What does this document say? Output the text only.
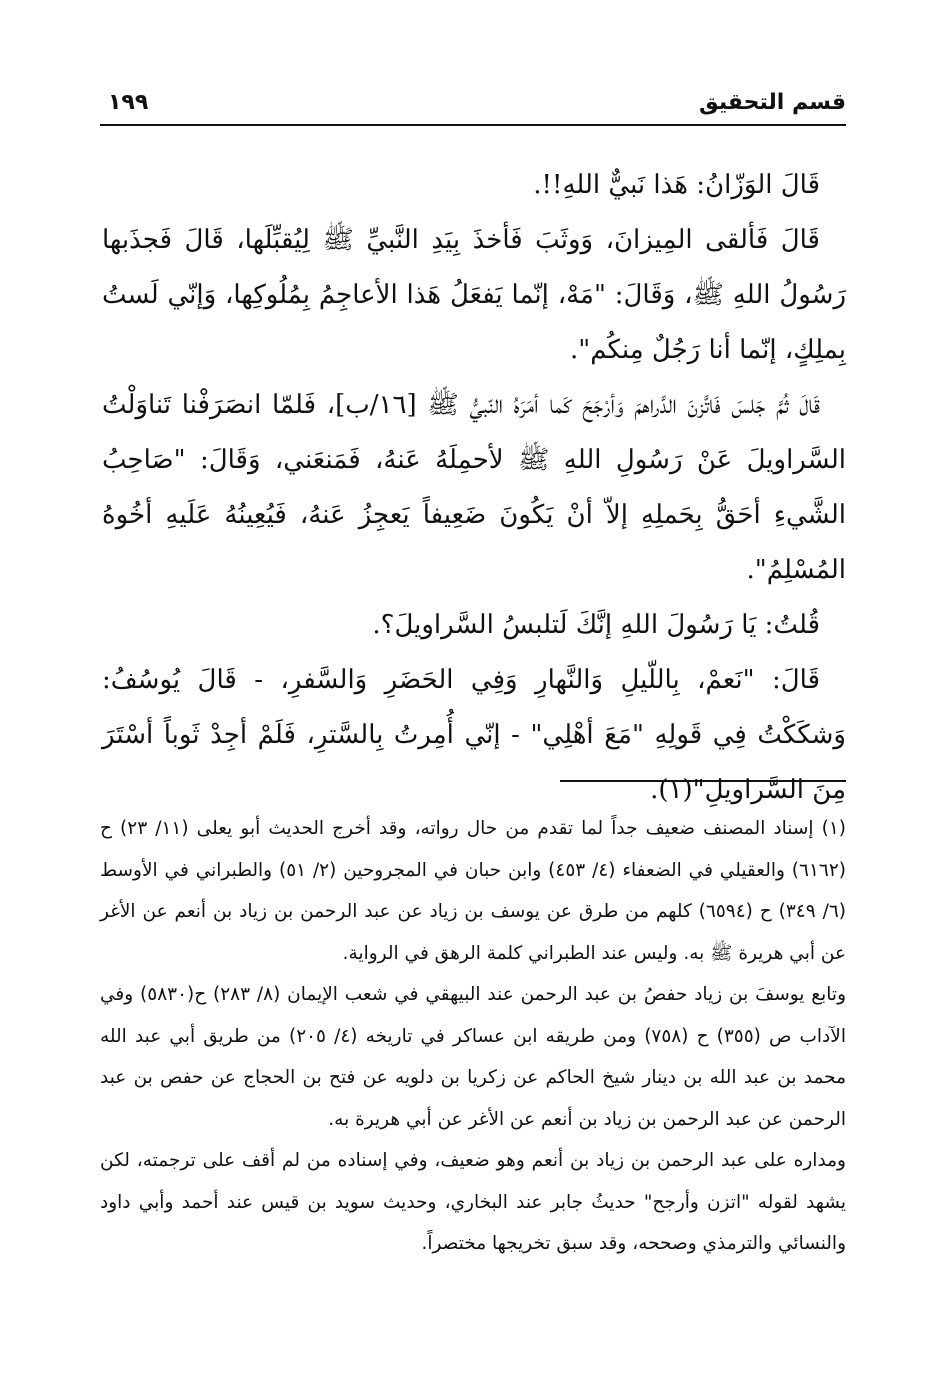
قسم التحقيق
١٩٩

قَالَ الوَزّانُ: هَذا نَبيٌّ اللهِ!!.

قَالَ فَألقى المِيزانَ، وَوثَبَ فَأخذَ بِيَدِ النَّبيِّ ﷺ لِيُقبِّلَها، قَالَ فَجذَبها رَسُولُ اللهِ ﷺ، وَقَالَ: "مَهْ، إنّما يَفعَلُ هَذا الأعاجِمُ بِمُلُوكِها، وَإنّي لَستُ بِملِكٍ، إنّما أنا رَجُلٌ مِنكُم".

قَالَ ثُمَّ جَلسَ فَاتَّزنَ الدَّراهمَ وَأرْجَحَ كَما أمَرَهُ النّبيُّ ﷺ [١٦/ب]، فَلمّا انصَرَفْنا تَناوَلْتُ السَّراويلَ عَنْ رَسُولِ اللهِ ﷺ لأحمِلَهُ عَنهُ، فَمَنعَني، وَقَالَ: "صَاحِبُ الشَّيءِ أحَقُّ بِحَملِهِ إلاّ أنْ يَكُونَ ضَعِيفاً يَعجِزُ عَنهُ، فَيُعِينُهُ عَلَيهِ أخُوهُ المُسْلِمُ".

قُلتُ: يَا رَسُولَ اللهِ إنَّكَ لَتلبسُ السَّراويلَ؟.

قَالَ: "نَعمْ، بِاللّيلِ وَالنَّهارِ وَفِي الحَضَرِ وَالسَّفرِ، - قَالَ يُوسُفُ: وَشكَكْتُ فِي قَولِهِ "مَعَ أهْلِي" - إنّي أُمِرتُ بِالسَّترِ، فَلَمْ أجِدْ ثَوباً أسْتَرَ مِنَ السَّراويلِ"(١).

(١) إسناد المصنف ضعيف جداً لما تقدم من حال رواته، وقد أخرج الحديث أبو يعلى (١١/ ٢٣) ح (٦١٦٢) والعقيلي في الضعفاء (٤/ ٤٥٣) وابن حبان في المجروحين (٢/ ٥١) والطبراني في الأوسط (٦/ ٣٤٩) ح (٦٥٩٤) كلهم من طرق عن يوسف بن زياد عن عبد الرحمن بن زياد بن أنعم عن الأغر عن أبي هريرة ﷺ به. وليس عند الطبراني كلمة الرهق في الرواية.

وتابع يوسفَ بن زياد حفصُ بن عبد الرحمن عند البيهقي في شعب الإيمان (٨/ ٢٨٣) ح(٥٨٣٠) وفي الآداب ص (٣٥٥) ح (٧٥٨) ومن طريقه ابن عساكر في تاريخه (٤/ ٢٠٥) من طريق أبي عبد الله محمد بن عبد الله بن دينار شيخ الحاكم عن زكريا بن دلويه عن فتح بن الحجاج عن حفص بن عبد الرحمن عن عبد الرحمن بن زياد بن أنعم عن الأغر عن أبي هريرة به.

ومداره على عبد الرحمن بن زياد بن أنعم وهو ضعيف، وفي إسناده من لم أقف على ترجمته، لكن يشهد لقوله "اتزن وأرجح" حديثُ جابر عند البخاري، وحديث سويد بن قيس عند أحمد وأبي داود والنسائي والترمذي وصححه، وقد سبق تخريجها مختصراً.
